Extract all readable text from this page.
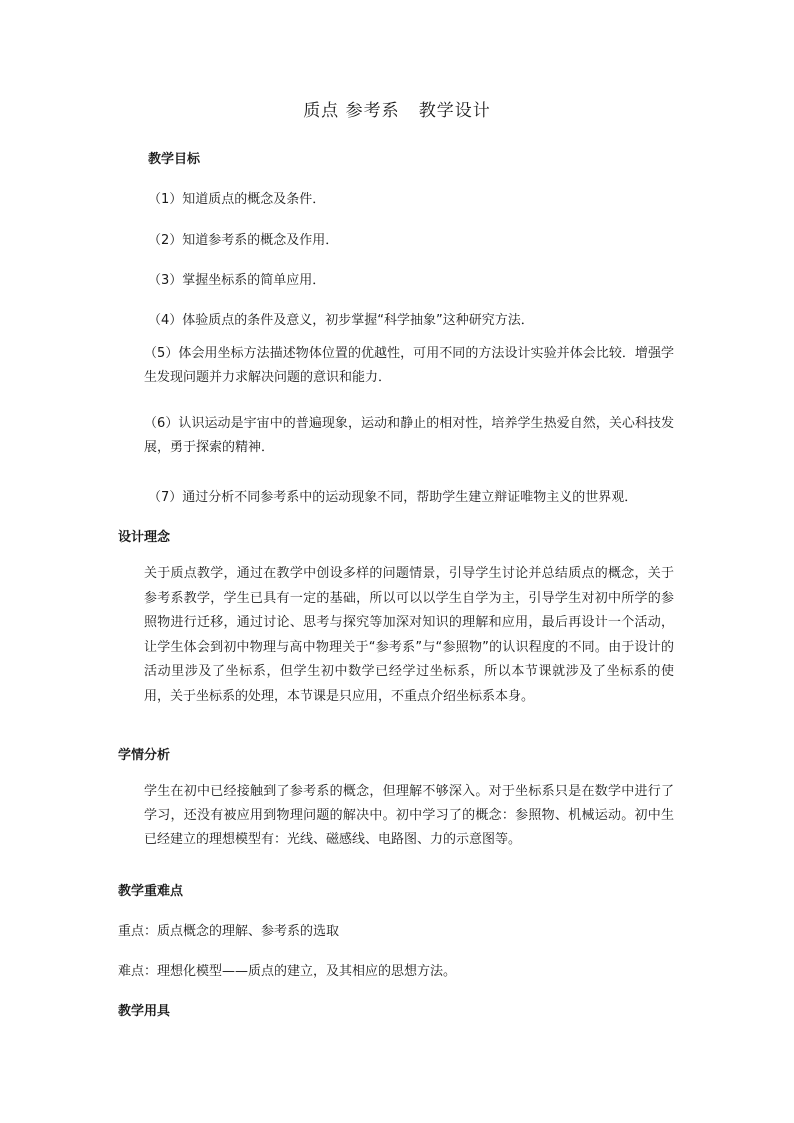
质点 参考系   教学设计
教学目标
（1）知道质点的概念及条件．
（2）知道参考系的概念及作用．
（3）掌握坐标系的简单应用．
（4）体验质点的条件及意义，初步掌握“科学抽象”这种研究方法．
（5）体会用坐标方法描述物体位置的优越性，可用不同的方法设计实验并体会比较．增强学生发现问题并力求解决问题的意识和能力．
（6）认识运动是宇宙中的普遍现象，运动和静止的相对性，培养学生热爱自然，关心科技发展，勇于探索的精神．
（7）通过分析不同参考系中的运动现象不同，帮助学生建立辩证唯物主义的世界观．
设计理念
关于质点教学，通过在教学中创设多样的问题情景，引导学生讨论并总结质点的概念，关于参考系教学，学生已具有一定的基础，所以可以以学生自学为主，引导学生对初中所学的参照物进行迁移，通过讨论、思考与探究等加深对知识的理解和应用，最后再设计一个活动，让学生体会到初中物理与高中物理关于“参考系”与“参照物”的认识程度的不同。由于设计的活动里涉及了坐标系，但学生初中数学已经学过坐标系，所以本节课就涉及了坐标系的使用，关于坐标系的处理，本节课是只应用，不重点介绍坐标系本身。
学情分析
学生在初中已经接触到了参考系的概念，但理解不够深入。对于坐标系只是在数学中进行了学习，还没有被应用到物理问题的解决中。初中学习了的概念：参照物、机械运动。初中生已经建立的理想模型有：光线、磁感线、电路图、力的示意图等。
教学重难点
重点：质点概念的理解、参考系的选取
难点：理想化模型——质点的建立，及其相应的思想方法。
教学用具
